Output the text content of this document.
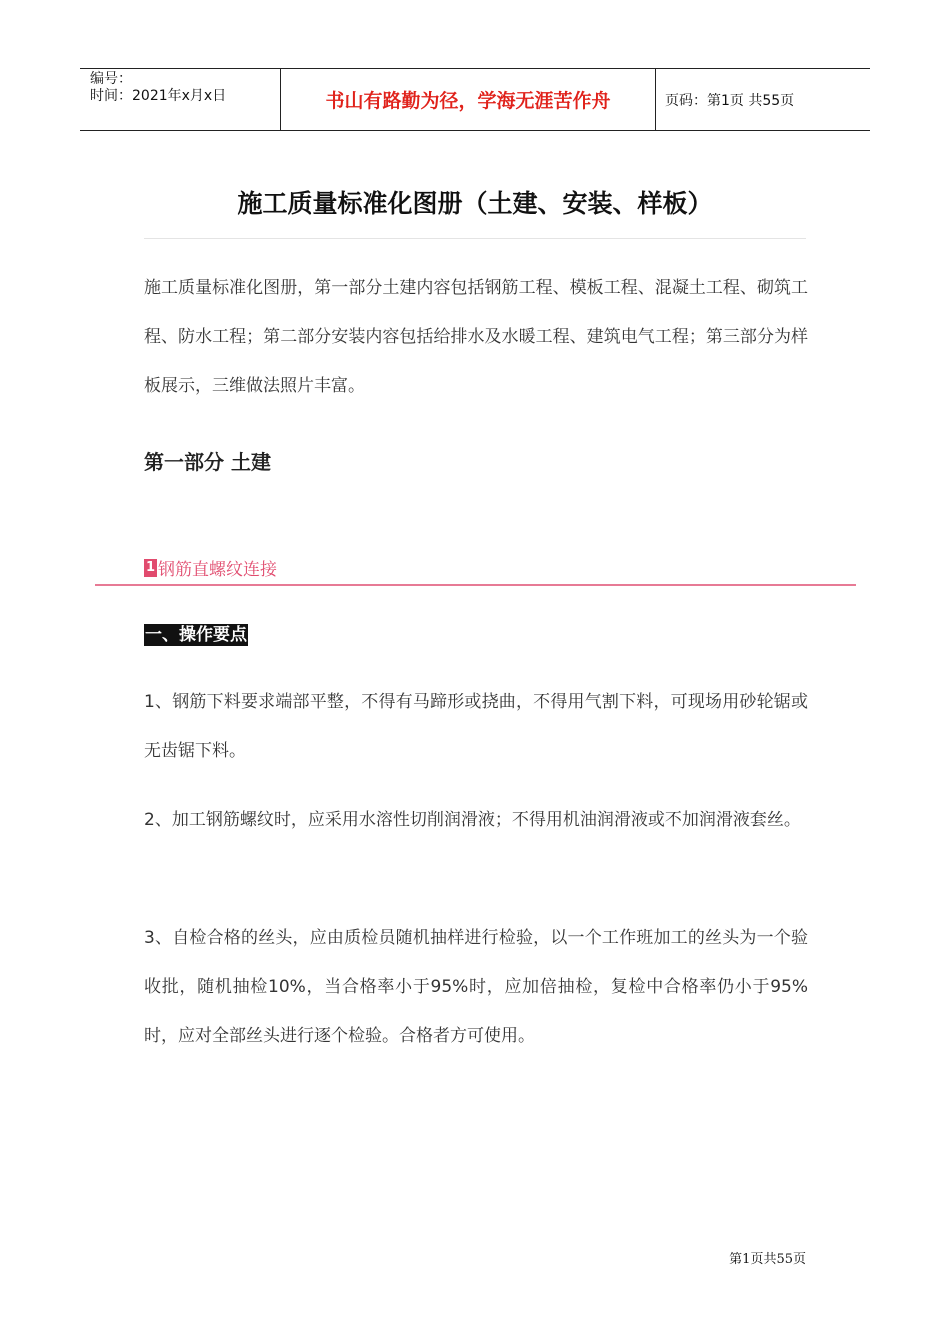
编号：
时间：2021年x月x日	书山有路勤为径，学海无涯苦作舟	页码：第1页 共55页
施工质量标准化图册（土建、安装、样板）
施工质量标准化图册，第一部分土建内容包括钢筋工程、模板工程、混凝土工程、砌筑工程、防水工程；第二部分安装内容包括给排水及水暖工程、建筑电气工程；第三部分为样板展示，三维做法照片丰富。
第一部分 土建
1 钢筋直螺纹连接
一、操作要点
1、钢筋下料要求端部平整，不得有马蹄形或挠曲，不得用气割下料，可现场用砂轮锯或无齿锯下料。
2、加工钢筋螺纹时，应采用水溶性切削润滑液；不得用机油润滑液或不加润滑液套丝。
3、自检合格的丝头，应由质检员随机抽样进行检验，以一个工作班加工的丝头为一个验收批，随机抽检10%，当合格率小于95%时，应加倍抽检，复检中合格率仍小于95%时，应对全部丝头进行逐个检验。合格者方可使用。
第1页共55页
